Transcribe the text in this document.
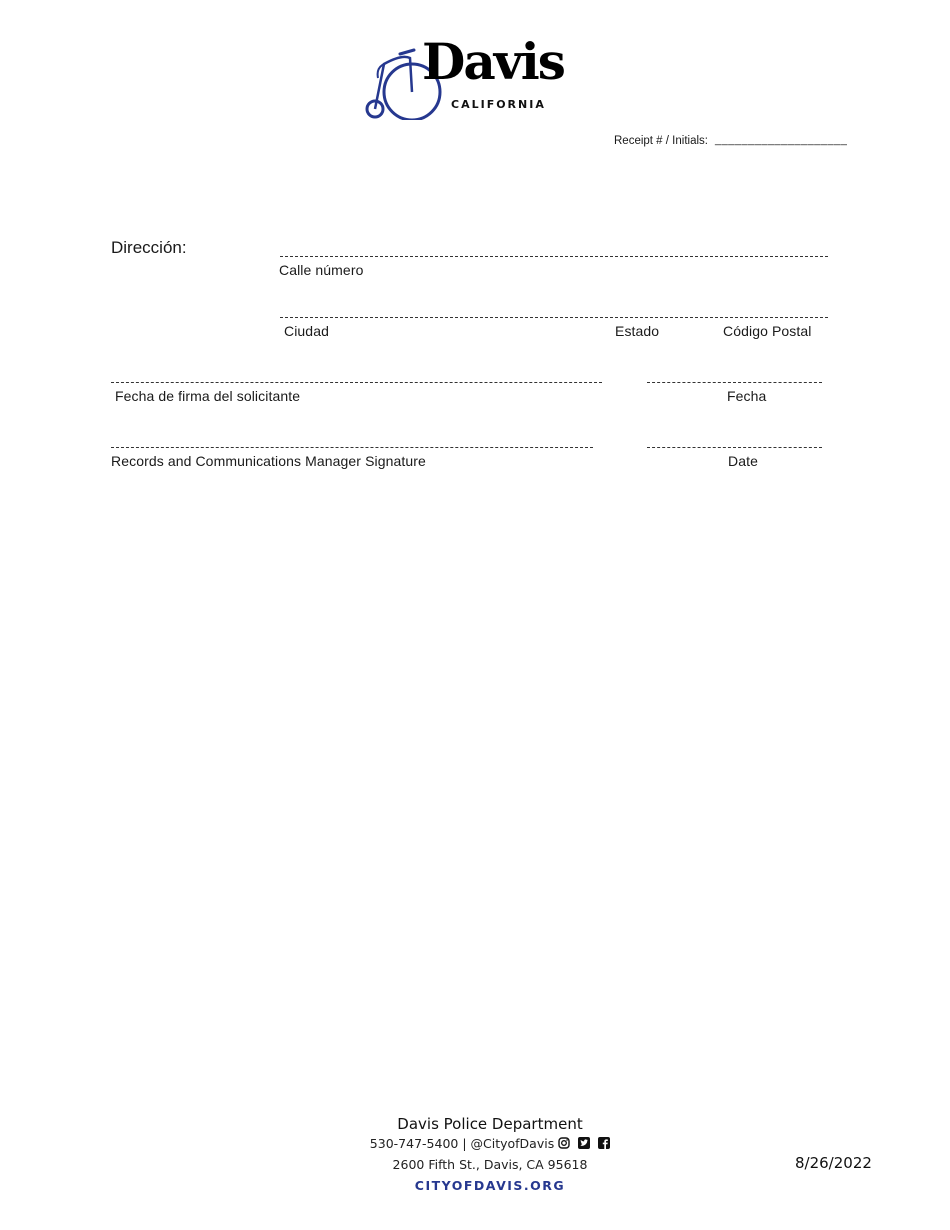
Davis
CALIFORNIA
Receipt # / Initials: ____________________
Dirección:
Calle número
Ciudad	Estado	Código Postal
Fecha de firma del solicitante	Fecha
Records and Communications Manager Signature	Date
Davis Police Department
530-747-5400 | @CityofDavis
2600 Fifth St., Davis, CA 95618
CITYOFDAVIS.ORG
8/26/2022
